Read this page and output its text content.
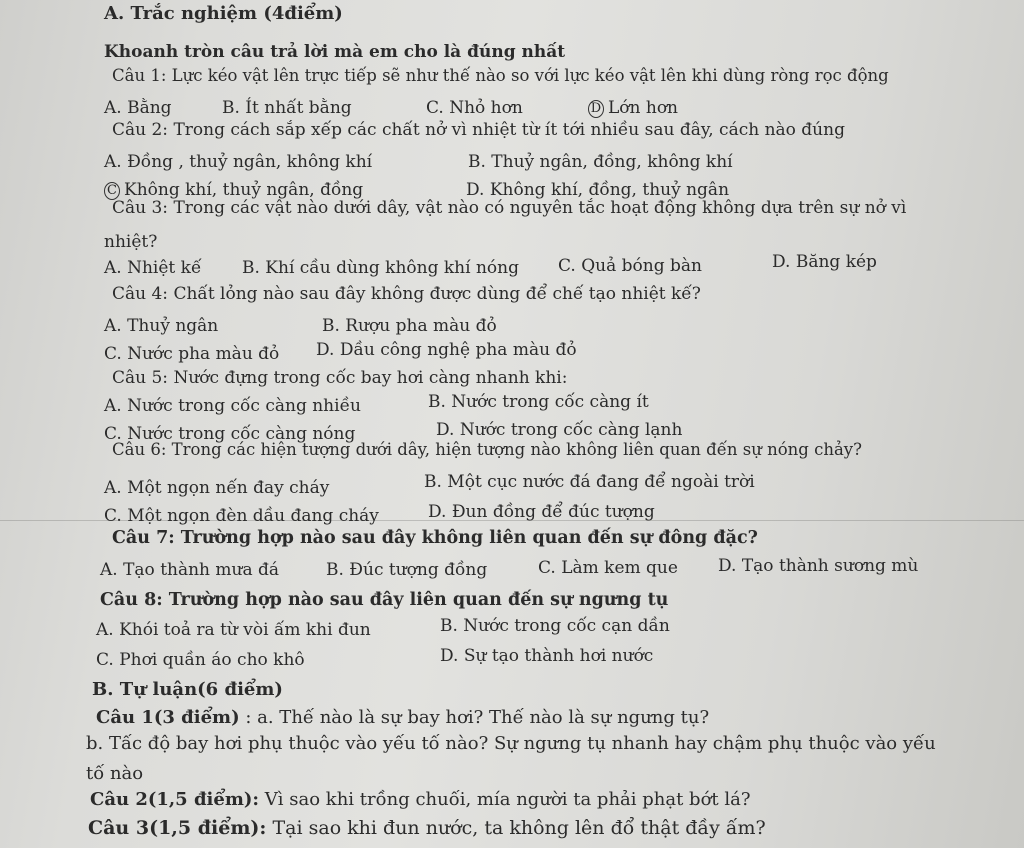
A. Trắc nghiệm (4điểm)
Khoanh tròn câu trả lời mà em cho là đúng nhất
Câu 1: Lực kéo vật lên trực tiếp sẽ như thế nào so với lực kéo vật lên khi dùng ròng rọc động
A. Bằng	B. Ít nhất bằng	C. Nhỏ hơn	D Lớn hơn
Câu 2: Trong cách sắp xếp các chất nở vì nhiệt từ ít tới nhiều sau đây, cách nào đúng
A. Đồng , thuỷ ngân, không khí	B. Thuỷ ngân, đồng, không khí
C Không khí, thuỷ ngân, đồng	D. Không khí, đồng, thuỷ ngân
Câu 3: Trong các vật nào dưới dây, vật nào có nguyên tắc hoạt động không dựa trên sự nở vì
nhiệt?
A. Nhiệt kế B. Khí cầu dùng không khí nóng C. Quả bóng bàn	D. Băng kép
Câu 4: Chất lỏng nào sau đây không được dùng để chế tạo nhiệt kế?
A. Thuỷ ngân	B. Rượu pha màu đỏ
C. Nước pha màu đỏ D. Dầu công nghệ pha màu đỏ
Câu 5: Nước đựng trong cốc bay hơi càng nhanh khi:
A. Nước trong cốc càng nhiều	B. Nước trong cốc càng ít
C. Nước trong cốc càng nóng	D. Nước trong cốc càng lạnh
Câu 6: Trong các hiện tượng dưới dây, hiện tượng nào không liên quan đến sự nóng chảy?
A. Một ngọn nến đay cháy	B. Một cục nước đá đang để ngoài trời
C. Một ngọn đèn dầu đang cháy	D. Đun đồng để đúc tượng
Câu 7: Trường hợp nào sau đây không liên quan đến sự đông đặc?
A. Tạo thành mưa đá	B. Đúc tượng đồng	C. Làm kem que D. Tạo thành sương mù
Câu 8: Trường hợp nào sau đây liên quan đến sự ngưng tụ
A. Khói toả ra từ vòi ấm khi đun	B. Nước trong cốc cạn dần
C. Phơi quần áo cho khô	D. Sự tạo thành hơi nước
B. Tự luận(6 điểm)
Câu 1(3 điểm) : a. Thế nào là sự bay hơi? Thế nào là sự ngưng tụ?
b. Tấc độ bay hơi phụ thuộc vào yếu tố nào? Sự ngưng tụ nhanh hay chậm phụ thuộc vào yếu
tố nào
Câu 2(1,5 điểm): Vì sao khi trồng chuối, mía người ta phải phạt bớt lá?
Câu 3(1,5 điểm): Tại sao khi đun nước, ta không lên đổ thật đầy ấm?
